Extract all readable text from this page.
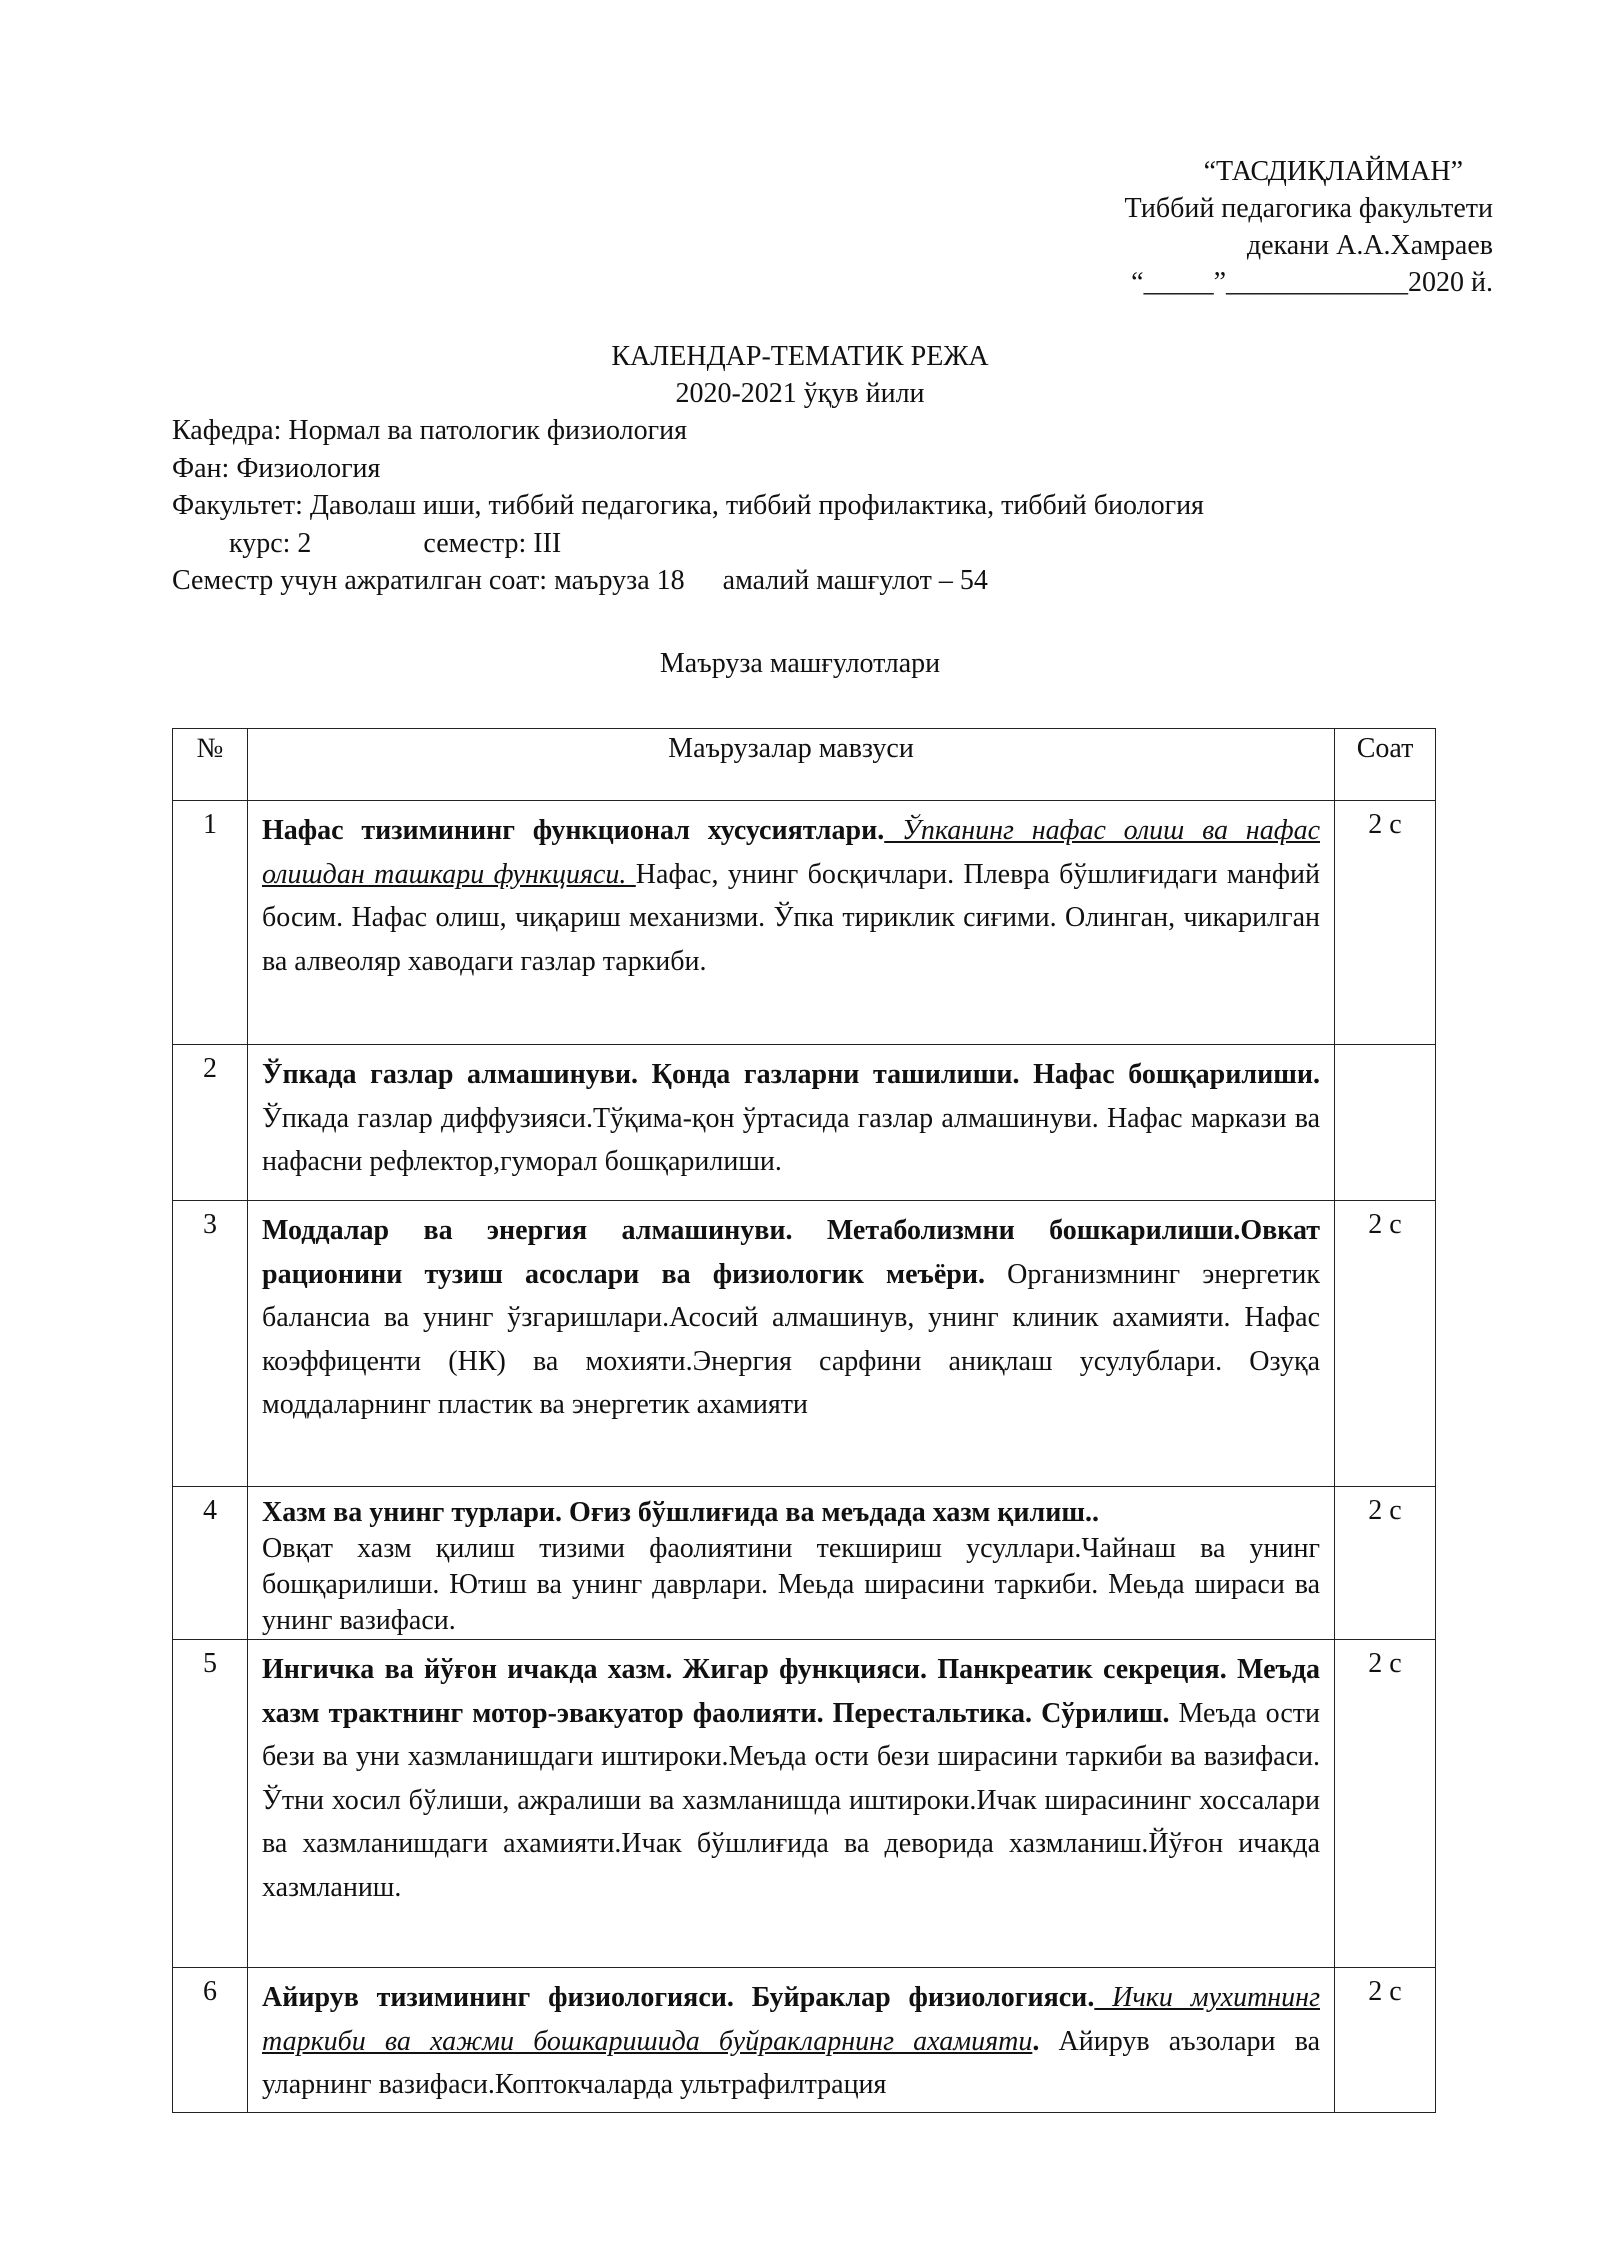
“ТАСДИҚЛАЙМАН”
Тиббий педагогика факультети
декани А.А.Хамраев
“_____”_____________2020 й.
КАЛЕНДАР-ТЕМАТИК РЕЖА
2020-2021 ўқув йили
Кафедра: Нормал ва патологик физиология
Фан: Физиология
Факультет: Даволаш иши, тиббий педагогика, тиббий профилактика, тиббий биология
курс: 2	семестр: III
Семестр учун ажратилган соат: маъруза 18 амалий машғулот – 54
Маъруза машғулотлари
№	Маърузалар мавзуси	Соат

1	Нафас тизимининг функционал хусусиятлари. Ўпканинг нафас олиш ва нафас олишдан ташкари функцияси. Нафас, унинг босқичлари. Плевра бўшлиғидаги манфий босим. Нафас олиш, чиқариш механизми. Ўпка тириклик сиғими. Олинган, чикарилган ва алвеоляр хаводаги газлар таркиби.	2 с

2	Ўпкада газлар алмашинуви. Қонда газларни ташилиши. Нафас бошқарилиши. Ўпкада газлар диффузияси.Тўқима-қон ўртасида газлар алмашинуви. Нафас маркази ва нафасни рефлектор,гуморал бошқарилиши.	

3	Моддалар ва энергия алмашинуви. Метаболизмни бошкарилиши.Овкат рационини тузиш асослари ва физиологик меъёри. Организмнинг энергетик балансиа ва унинг ўзгаришлари.Асосий алмашинув, унинг клиник ахамияти. Нафас коэффиценти (НК) ва мохияти.Энергия сарфини аниқлаш усулублари. Озуқа моддаларнинг пластик ва энергетик ахамияти	2 с

4	Хазм ва унинг турлари. Оғиз бўшлиғида ва меъдада хазм қилиш..
Овқат хазм қилиш тизими фаолиятини текшириш усуллари.Чайнаш ва унинг бошқарилиши. Ютиш ва унинг даврлари. Меьда ширасини таркиби. Меьда шираси ва унинг вазифаси.	2 с

5	Ингичка ва йўғон ичакда хазм. Жигар функцияси. Панкреатик секреция. Меъда хазм трактнинг мотор-эвакуатор фаолияти. Перестальтика. Сўрилиш. Меъда ости бези ва уни хазмланишдаги иштироки.Меъда ости бези ширасини таркиби ва вазифаси. Ўтни хосил бўлиши, ажралиши ва хазмланишда иштироки.Ичак ширасининг хоссалари ва хазмланишдаги ахамияти.Ичак бўшлиғида ва деворида хазмланиш.Йўғон ичакда хазмланиш.	2 с

6	Айирув тизимининг физиологияси. Буйраклар физиологияси. Ички мухитнинг таркиби ва хажми бошкаришида буйракларнинг ахамияти. Айирув аъзолари ва уларнинг вазифаси.Коптокчаларда ультрафилтрация	2 с
